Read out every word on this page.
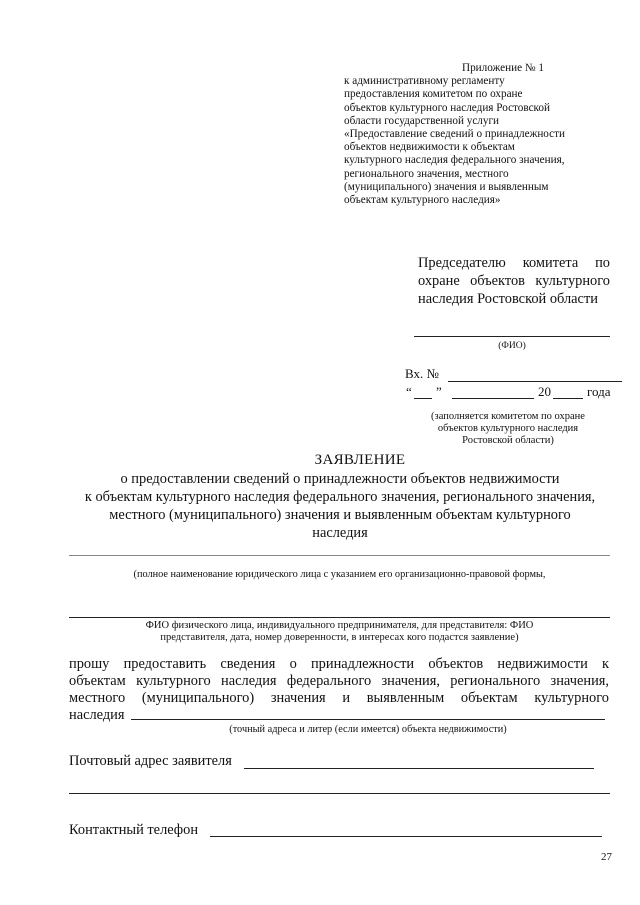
Приложение № 1
к административному регламенту
предоставления комитетом по охране
объектов культурного наследия Ростовской
области государственной услуги
«Предоставление сведений о принадлежности
объектов недвижимости к объектам
культурного наследия федерального значения,
регионального значения, местного
(муниципального) значения и выявленным
объектам культурного наследия»
Председателю комитета по
охране объектов культурного
наследия Ростовской области
(ФИО)
Вх. №
“ ”	20	года
(заполняется комитетом по охране
объектов культурного наследия
Ростовской области)
ЗАЯВЛЕНИЕ
о предоставлении сведений о принадлежности объектов недвижимости
к объектам культурного наследия федерального значения, регионального значения,
местного (муниципального) значения и выявленным объектам культурного
наследия
(полное наименование юридического лица с указанием его организационно-правовой формы,
ФИО физического лица, индивидуального предпринимателя, для представителя: ФИО
представителя, дата, номер доверенности, в интересах кого подастся заявление)
прошу предоставить сведения о принадлежности объектов недвижимости к
объектам культурного наследия федерального значения, регионального значения,
местного (муниципального) значения и выявленным объектам культурного
наследия
(точный адреса и литер (если имеется) объекта недвижимости)
Почтовый адрес заявителя
Контактный телефон
27
